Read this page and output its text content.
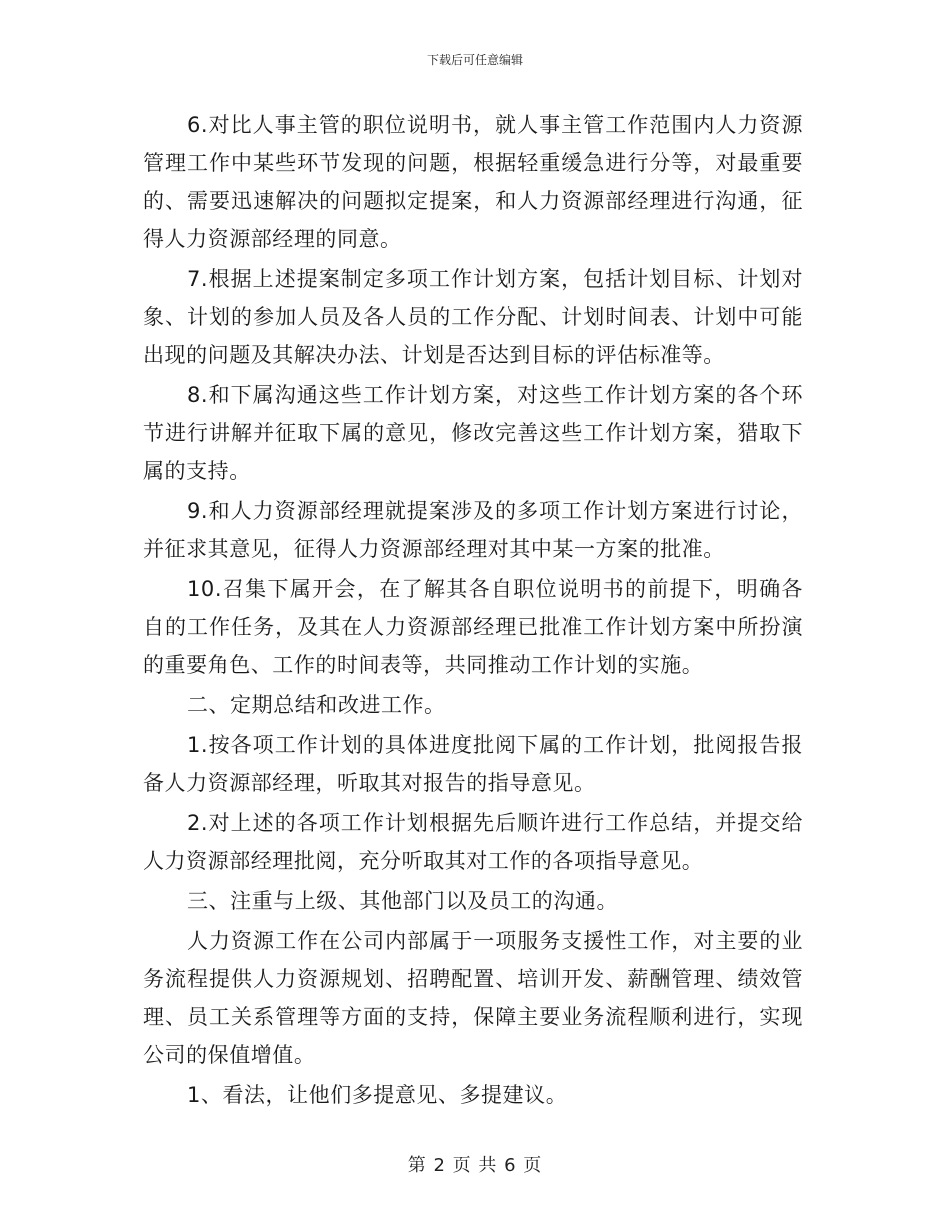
下载后可任意编辑

6.对比人事主管的职位说明书，就人事主管工作范围内人力资源管理工作中某些环节发现的问题，根据轻重缓急进行分等，对最重要的、需要迅速解决的问题拟定提案，和人力资源部经理进行沟通，征得人力资源部经理的同意。

7.根据上述提案制定多项工作计划方案，包括计划目标、计划对象、计划的参加人员及各人员的工作分配、计划时间表、计划中可能出现的问题及其解决办法、计划是否达到目标的评估标准等。

8.和下属沟通这些工作计划方案，对这些工作计划方案的各个环节进行讲解并征取下属的意见，修改完善这些工作计划方案，猎取下属的支持。

9.和人力资源部经理就提案涉及的多项工作计划方案进行讨论，并征求其意见，征得人力资源部经理对其中某一方案的批准。

10.召集下属开会，在了解其各自职位说明书的前提下，明确各自的工作任务，及其在人力资源部经理已批准工作计划方案中所扮演的重要角色、工作的时间表等，共同推动工作计划的实施。

二、定期总结和改进工作。

1.按各项工作计划的具体进度批阅下属的工作计划，批阅报告报备人力资源部经理，听取其对报告的指导意见。

2.对上述的各项工作计划根据先后顺许进行工作总结，并提交给人力资源部经理批阅，充分听取其对工作的各项指导意见。

三、注重与上级、其他部门以及员工的沟通。

人力资源工作在公司内部属于一项服务支援性工作，对主要的业务流程提供人力资源规划、招聘配置、培训开发、薪酬管理、绩效管理、员工关系管理等方面的支持，保障主要业务流程顺利进行，实现公司的保值增值。

1、看法，让他们多提意见、多提建议。

第 2 页 共 6 页
